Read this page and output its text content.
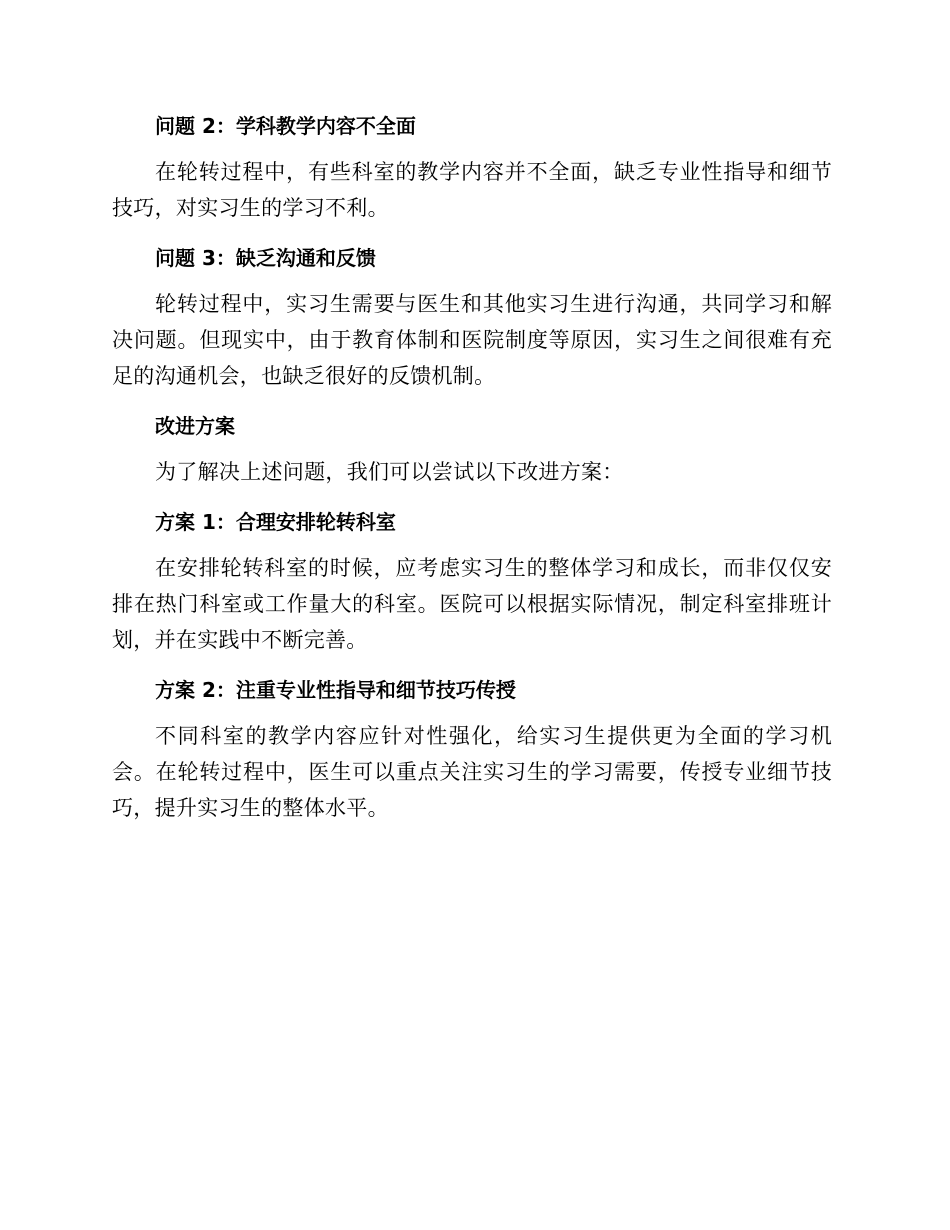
问题 2：学科教学内容不全面
在轮转过程中，有些科室的教学内容并不全面，缺乏专业性指导和细节技巧，对实习生的学习不利。
问题 3：缺乏沟通和反馈
轮转过程中，实习生需要与医生和其他实习生进行沟通，共同学习和解决问题。但现实中，由于教育体制和医院制度等原因，实习生之间很难有充足的沟通机会，也缺乏很好的反馈机制。
改进方案
为了解决上述问题，我们可以尝试以下改进方案：
方案 1：合理安排轮转科室
在安排轮转科室的时候，应考虑实习生的整体学习和成长，而非仅仅安排在热门科室或工作量大的科室。医院可以根据实际情况，制定科室排班计划，并在实践中不断完善。
方案 2：注重专业性指导和细节技巧传授
不同科室的教学内容应针对性强化，给实习生提供更为全面的学习机会。在轮转过程中，医生可以重点关注实习生的学习需要，传授专业细节技巧，提升实习生的整体水平。
